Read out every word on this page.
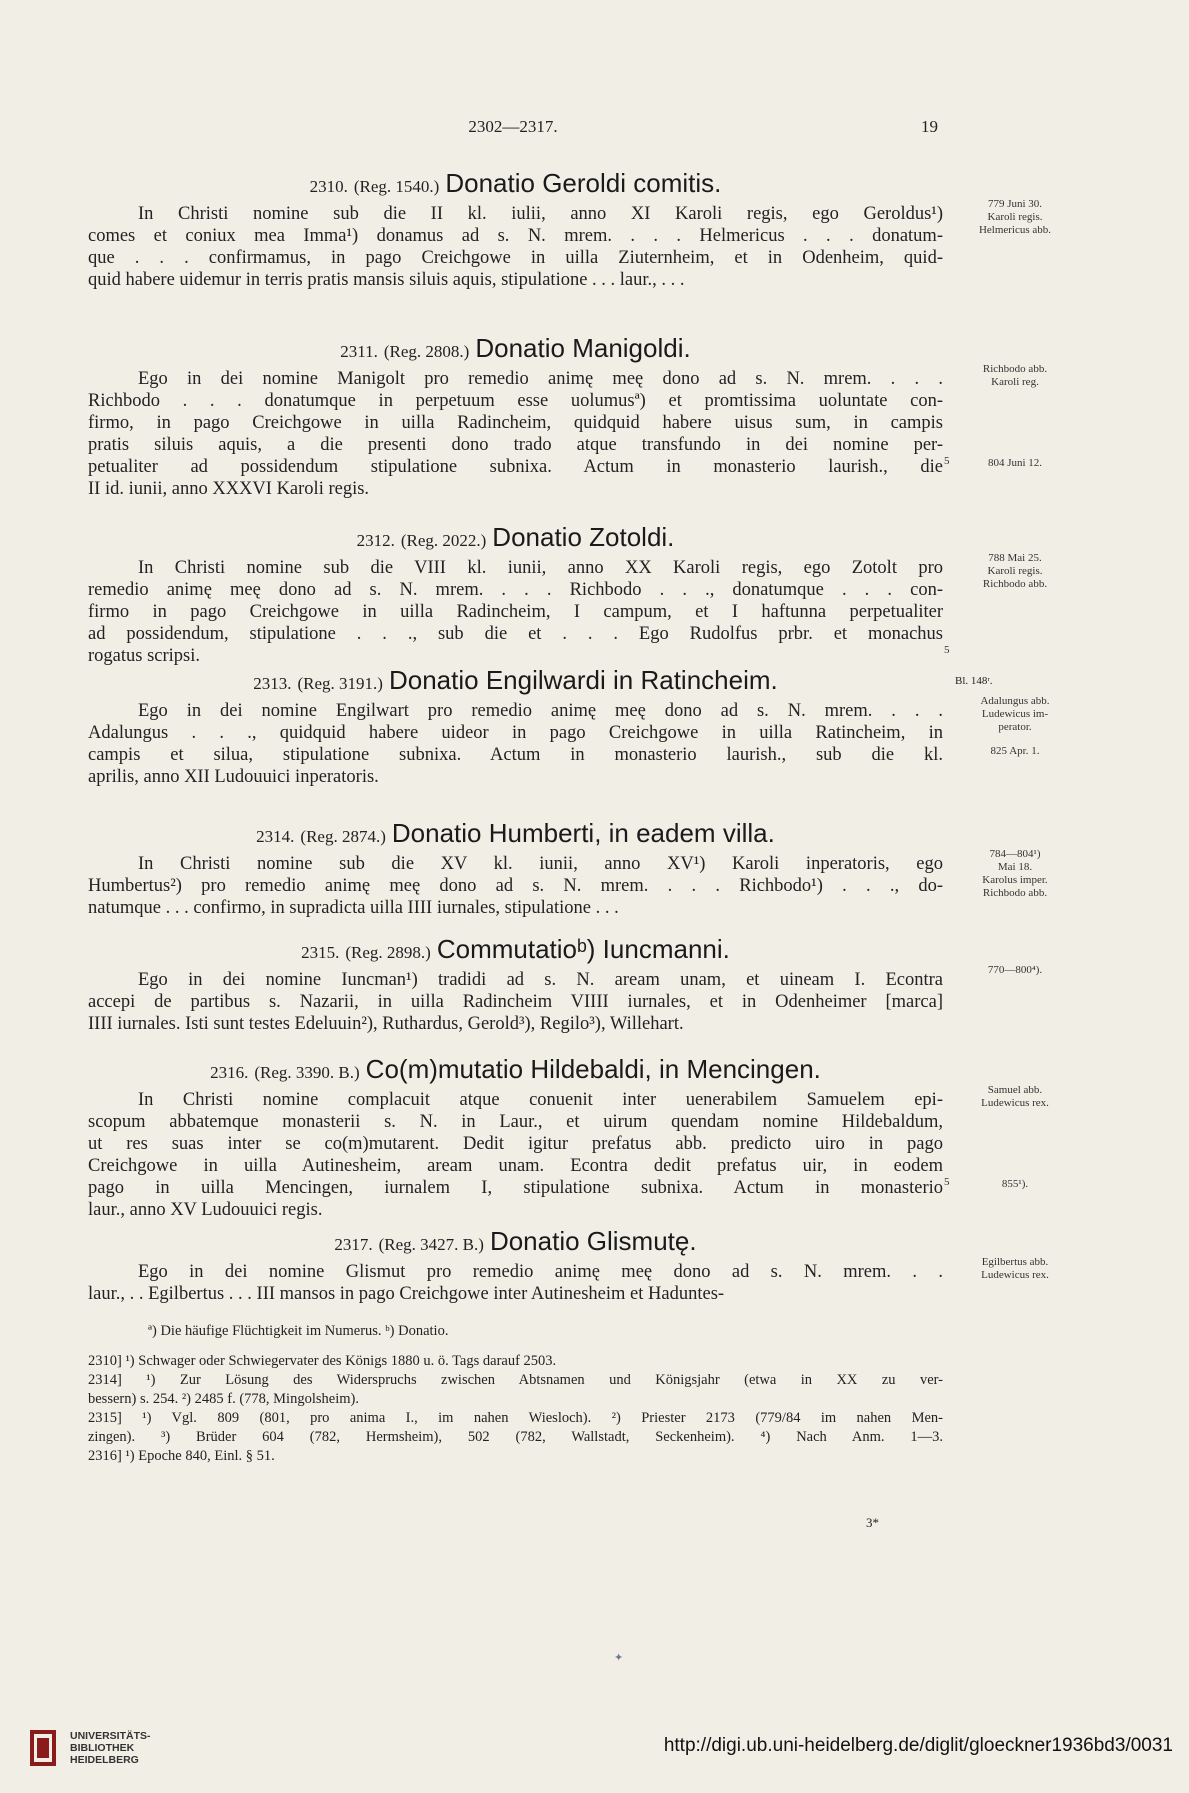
2302—2317.	19
2310. (Reg. 1540.) Donatio Geroldi comitis.
In Christi nomine sub die II kl. iulii, anno XI Karoli regis, ego Geroldus¹)
comes et coniux mea Imma¹) donamus ad s. N. mrem. . . . Helmericus . . . donatum-
que . . . confirmamus, in pago Creichgowe in uilla Ziuternheim, et in Odenheim, quid-
quid habere uidemur in terris pratis mansis siluis aquis, stipulatione . . . laur., . . .
779 Juni 30.
Karoli regis.
Helmericus abb.
2311. (Reg. 2808.) Donatio Manigoldi.
Ego in dei nomine Manigolt pro remedio animę meę dono ad s. N. mrem. . . .
Richbodo . . . donatumque in perpetuum esse uolumusª) et promtissima uoluntate con-
firmo, in pago Creichgowe in uilla Radincheim, quidquid habere uisus sum, in campis
pratis siluis aquis, a die presenti dono trado atque transfundo in dei nomine per-
petualiter ad possidendum stipulatione subnixa. Actum in monasterio laurish., die
II id. iunii, anno XXXVI Karoli regis.
Richbodo abb.
Karoli reg.
804 Juni 12.
5
2312. (Reg. 2022.) Donatio Zotoldi.
In Christi nomine sub die VIII kl. iunii, anno XX Karoli regis, ego Zotolt pro
remedio animę meę dono ad s. N. mrem. . . . Richbodo . . ., donatumque . . . con-
firmo in pago Creichgowe in uilla Radincheim, I campum, et I haftunna perpetualiter
ad possidendum, stipulatione . . ., sub die et . . . Ego Rudolfus prbr. et monachus
rogatus scripsi.
788 Mai 25.
Karoli regis.
Richbodo abb.
5
2313. (Reg. 3191.) Donatio Engilwardi in Ratincheim.
Ego in dei nomine Engilwart pro remedio animę meę dono ad s. N. mrem. . . .
Adalungus . . ., quidquid habere uideor in pago Creichgowe in uilla Ratincheim, in
campis et silua, stipulatione subnixa. Actum in monasterio laurish., sub die kl.
aprilis, anno XII Ludouuici inperatoris.
Bl. 148ʳ.
Adalungus abb.
Ludewicus im-
perator.
825 Apr. 1.
2314. (Reg. 2874.) Donatio Humberti, in eadem villa.
In Christi nomine sub die XV kl. iunii, anno XV¹) Karoli inperatoris, ego
Humbertus²) pro remedio animę meę dono ad s. N. mrem. . . . Richbodo¹) . . ., do-
natumque . . . confirmo, in supradicta uilla IIII iurnales, stipulatione . . .
784—804¹)
Mai 18.
Karolus imper.
Richbodo abb.
2315. (Reg. 2898.) Commutatioᵇ) Iuncmanni.
Ego in dei nomine Iuncman¹) tradidi ad s. N. aream unam, et uineam I. Econtra
accepi de partibus s. Nazarii, in uilla Radincheim VIIII iurnales, et in Odenheimer [marca]
IIII iurnales. Isti sunt testes Edeluuin²), Ruthardus, Gerold³), Regilo³), Willehart.
770—800⁴).
2316. (Reg. 3390. B.) Co(m)mutatio Hildebaldi, in Mencingen.
In Christi nomine complacuit atque conuenit inter uenerabilem Samuelem epi-
scopum abbatemque monasterii s. N. in Laur., et uirum quendam nomine Hildebaldum,
ut res suas inter se co(m)mutarent. Dedit igitur prefatus abb. predicto uiro in pago
Creichgowe in uilla Autinesheim, aream unam. Econtra dedit prefatus uir, in eodem
pago in uilla Mencingen, iurnalem I, stipulatione subnixa. Actum in monasterio
laur., anno XV Ludouuici regis.
Samuel abb.
Ludewicus rex.
855¹).
5
2317. (Reg. 3427. B.) Donatio Glismutę.
Ego in dei nomine Glismut pro remedio animę meę dono ad s. N. mrem. . .
laur., . . Egilbertus . . . III mansos in pago Creichgowe inter Autinesheim et Haduntes-
Egilbertus abb.
Ludewicus rex.
ª) Die häufige Flüchtigkeit im Numerus. ᵇ) Donatio.
2310] ¹) Schwager oder Schwiegervater des Königs 1880 u. ö. Tags darauf 2503.
2314] ¹) Zur Lösung des Widerspruchs zwischen Abtsnamen und Königsjahr (etwa in XX zu ver-
bessern) s. 254. ²) 2485 f. (778, Mingolsheim).
2315] ¹) Vgl. 809 (801, pro anima I., im nahen Wiesloch). ²) Priester 2173 (779/84 im nahen Men-
zingen). ³) Brüder 604 (782, Hermsheim), 502 (782, Wallstadt, Seckenheim). ⁴) Nach Anm. 1—3.
2316] ¹) Epoche 840, Einl. § 51.
3*
✦
UNIVERSITÄTS-
BIBLIOTHEK
HEIDELBERG
http://digi.ub.uni-heidelberg.de/diglit/gloeckner1936bd3/0031
